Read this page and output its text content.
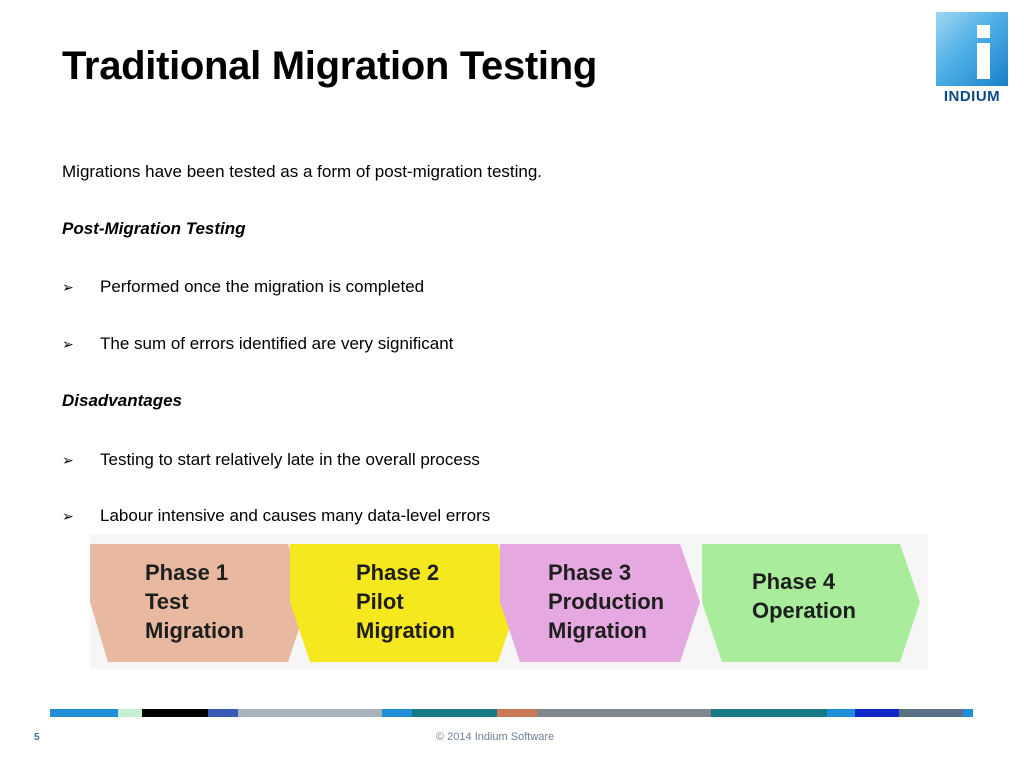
Traditional Migration Testing
INDIUM
Migrations have been tested as a form of post-migration testing.
Post-Migration Testing
➢ Performed once the migration is completed
➢ The sum of errors identified are very significant
Disadvantages
➢ Testing to start relatively late in the overall process
➢ Labour intensive and causes many data-level errors
Phase 1
Test
Migration
Phase 2
Pilot
Migration
Phase 3
Production
Migration
Phase 4
Operation
5	© 2014 Indium Software
